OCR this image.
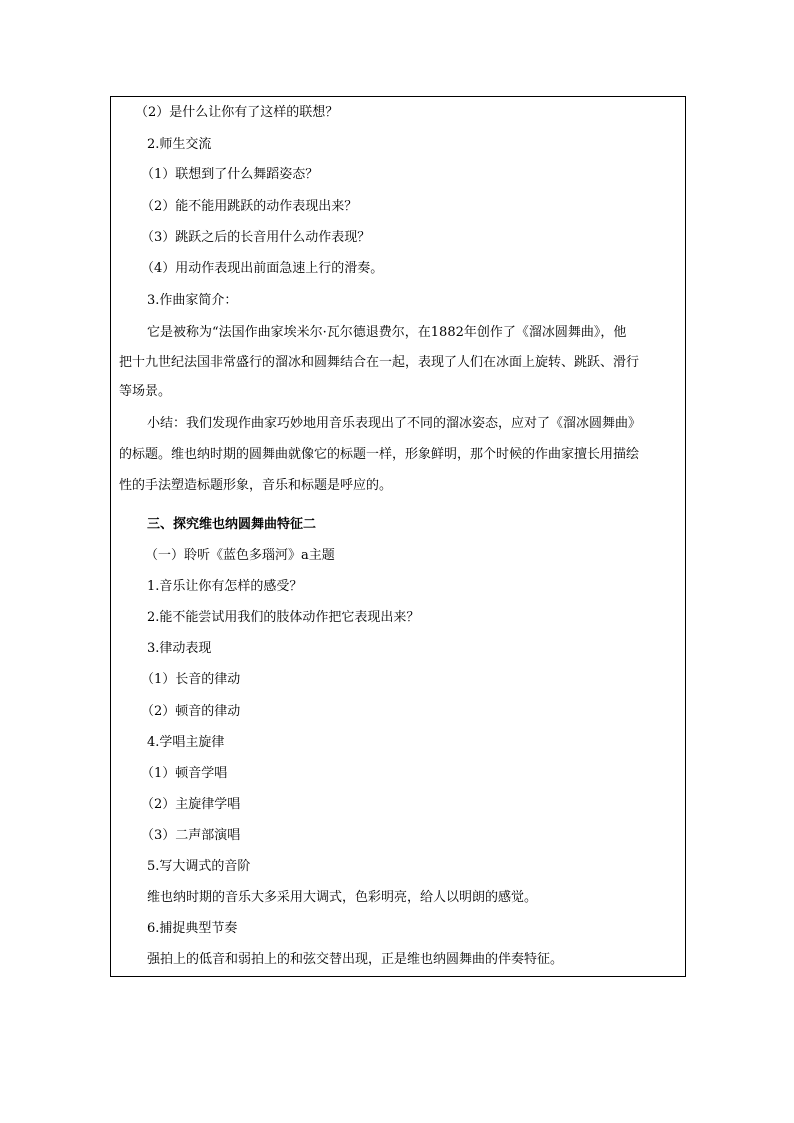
（2）是什么让你有了这样的联想？
2.师生交流
（1）联想到了什么舞蹈姿态？
（2）能不能用跳跃的动作表现出来？
（3）跳跃之后的长音用什么动作表现？
（4）用动作表现出前面急速上行的滑奏。
3.作曲家简介：
它是被称为“法国作曲家埃米尔·瓦尔德退费尔，在1882年创作了《溜冰圆舞曲》，他
把十九世纪法国非常盛行的溜冰和圆舞结合在一起，表现了人们在冰面上旋转、跳跃、滑行
等场景。
小结：我们发现作曲家巧妙地用音乐表现出了不同的溜冰姿态，应对了《溜冰圆舞曲》
的标题。维也纳时期的圆舞曲就像它的标题一样，形象鲜明，那个时候的作曲家擅长用描绘
性的手法塑造标题形象，音乐和标题是呼应的。
三、探究维也纳圆舞曲特征二
（一）聆听《蓝色多瑙河》a主题
1.音乐让你有怎样的感受？
2.能不能尝试用我们的肢体动作把它表现出来？
3.律动表现
（1）长音的律动
（2）顿音的律动
4.学唱主旋律
（1）顿音学唱
（2）主旋律学唱
（3）二声部演唱
5.写大调式的音阶
维也纳时期的音乐大多采用大调式，色彩明亮，给人以明朗的感觉。
6.捕捉典型节奏
强拍上的低音和弱拍上的和弦交替出现，正是维也纳圆舞曲的伴奏特征。
